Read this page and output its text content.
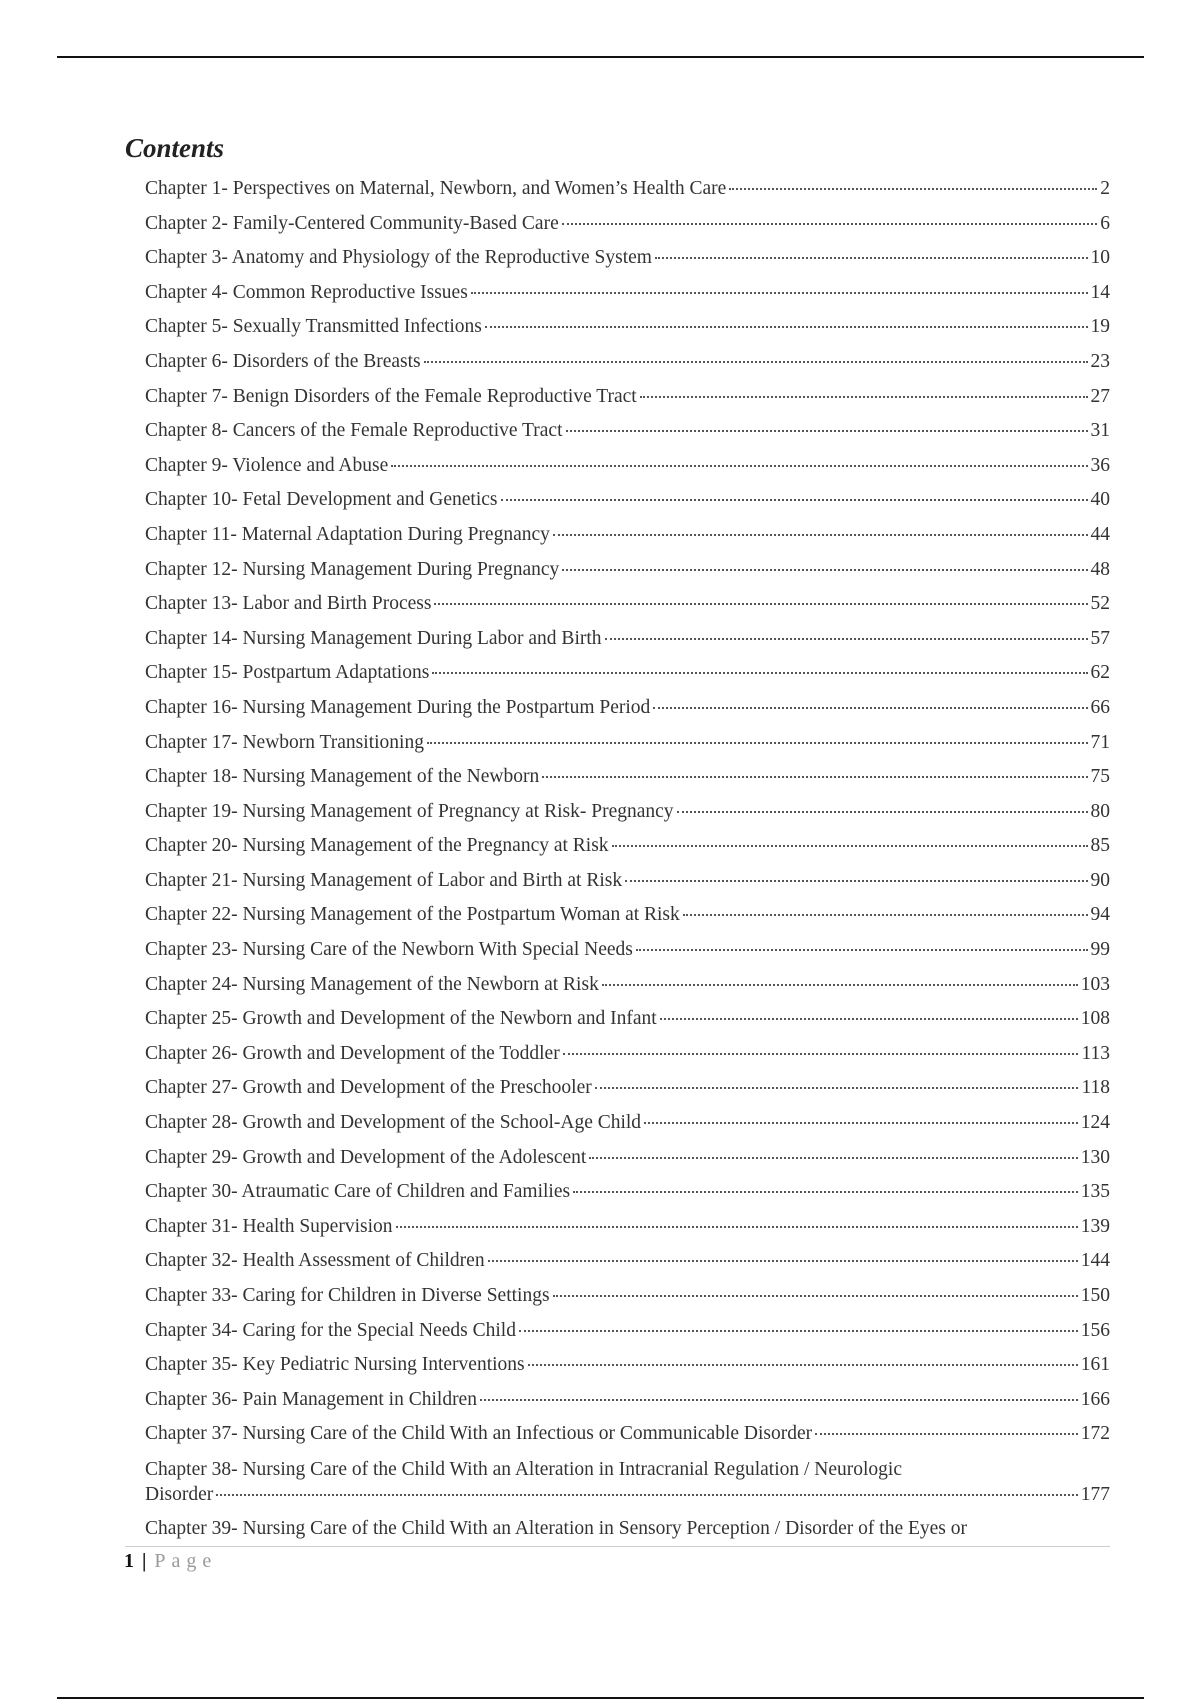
Contents
Chapter 1- Perspectives on Maternal, Newborn, and Women’s Health Care	2
Chapter 2- Family-Centered Community-Based Care	6
Chapter 3- Anatomy and Physiology of the Reproductive System	10
Chapter 4- Common Reproductive Issues	14
Chapter 5- Sexually Transmitted Infections	19
Chapter 6- Disorders of the Breasts	23
Chapter 7- Benign Disorders of the Female Reproductive Tract	27
Chapter 8- Cancers of the Female Reproductive Tract	31
Chapter 9- Violence and Abuse	36
Chapter 10- Fetal Development and Genetics	40
Chapter 11- Maternal Adaptation During Pregnancy	44
Chapter 12- Nursing Management During Pregnancy	48
Chapter 13- Labor and Birth Process	52
Chapter 14- Nursing Management During Labor and Birth	57
Chapter 15- Postpartum Adaptations	62
Chapter 16- Nursing Management During the Postpartum Period	66
Chapter 17- Newborn Transitioning	71
Chapter 18- Nursing Management of the Newborn	75
Chapter 19- Nursing Management of Pregnancy at Risk- Pregnancy	80
Chapter 20- Nursing Management of the Pregnancy at Risk	85
Chapter 21- Nursing Management of Labor and Birth at Risk	90
Chapter 22- Nursing Management of the Postpartum Woman at Risk	94
Chapter 23- Nursing Care of the Newborn With Special Needs	99
Chapter 24- Nursing Management of the Newborn at Risk	103
Chapter 25- Growth and Development of the Newborn and Infant	108
Chapter 26- Growth and Development of the Toddler	113
Chapter 27- Growth and Development of the Preschooler	118
Chapter 28- Growth and Development of the School-Age Child	124
Chapter 29- Growth and Development of the Adolescent	130
Chapter 30- Atraumatic Care of Children and Families	135
Chapter 31- Health Supervision	139
Chapter 32- Health Assessment of Children	144
Chapter 33- Caring for Children in Diverse Settings	150
Chapter 34- Caring for the Special Needs Child	156
Chapter 35- Key Pediatric Nursing Interventions	161
Chapter 36- Pain Management in Children	166
Chapter 37- Nursing Care of the Child With an Infectious or Communicable Disorder	172
Chapter 38- Nursing Care of the Child With an Alteration in Intracranial Regulation / Neurologic
Disorder	177
Chapter 39- Nursing Care of the Child With an Alteration in Sensory Perception / Disorder of the Eyes or
1 | Page
